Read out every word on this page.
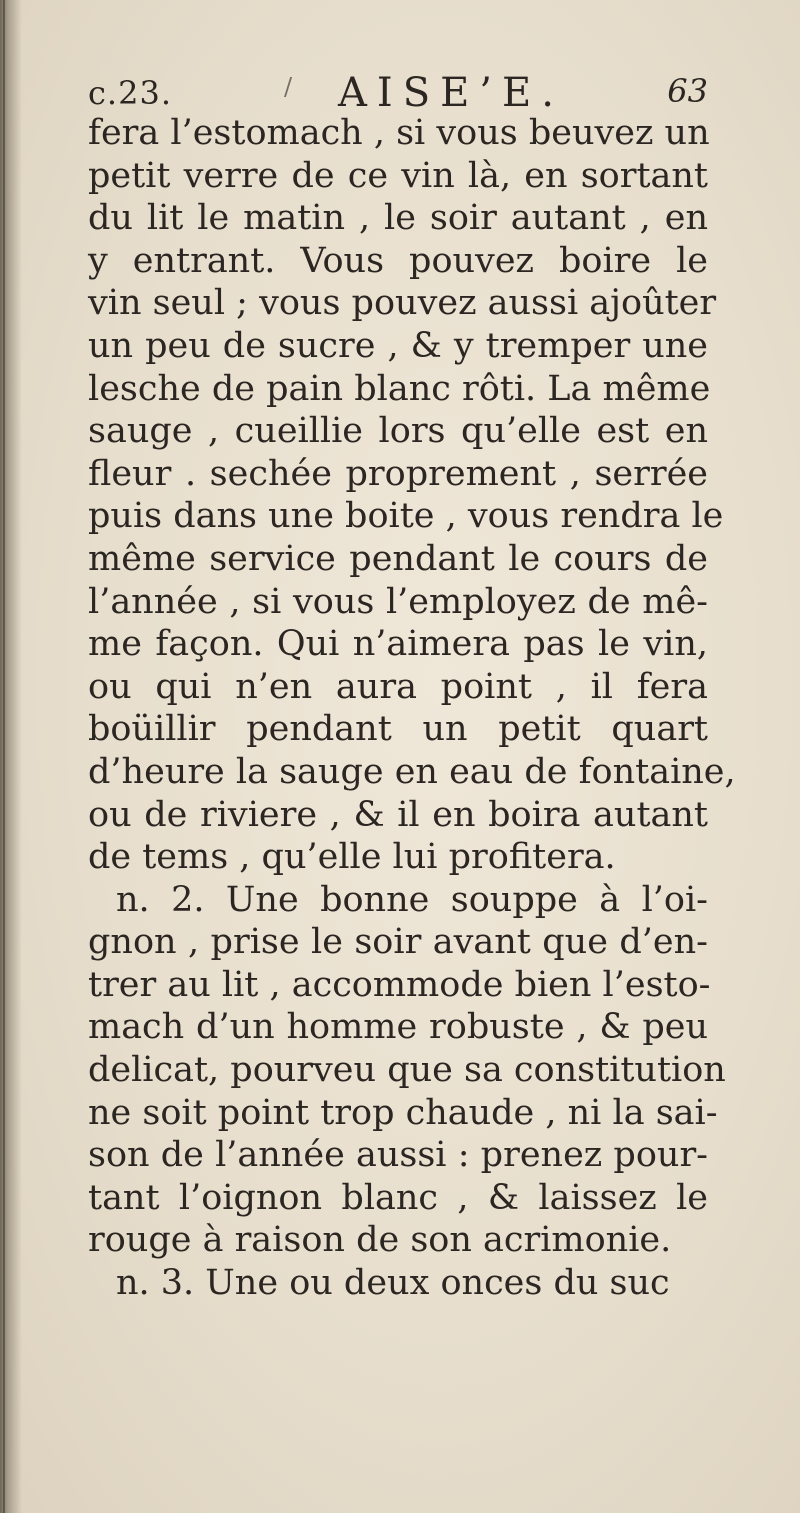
c.23.	/ AISE’E.	63
fera l’estomach , si vous beuvez un
petit verre de ce vin là, en sortant
du lit le matin , le soir autant , en
y entrant. Vous pouvez boire le
vin seul ; vous pouvez aussi ajoûter
un peu de sucre , & y tremper une
lesche de pain blanc rôti. La même
sauge , cueillie lors qu’elle est en
fleur . sechée proprement , serrée
puis dans une boite , vous rendra le
même service pendant le cours de
l’année , si vous l’employez de mê-
me façon. Qui n’aimera pas le vin,
ou qui n’en aura point , il fera
boüillir pendant un petit quart
d’heure la sauge en eau de fontaine,
ou de riviere , & il en boira autant
de tems , qu’elle lui profitera.
n. 2. Une bonne souppe à l’oi-
gnon , prise le soir avant que d’en-
trer au lit , accommode bien l’esto-
mach d’un homme robuste , & peu
delicat, pourveu que sa constitution
ne soit point trop chaude , ni la sai-
son de l’année aussi : prenez pour-
tant l’oignon blanc , & laissez le
rouge à raison de son acrimonie.
n. 3. Une ou deux onces du suc
